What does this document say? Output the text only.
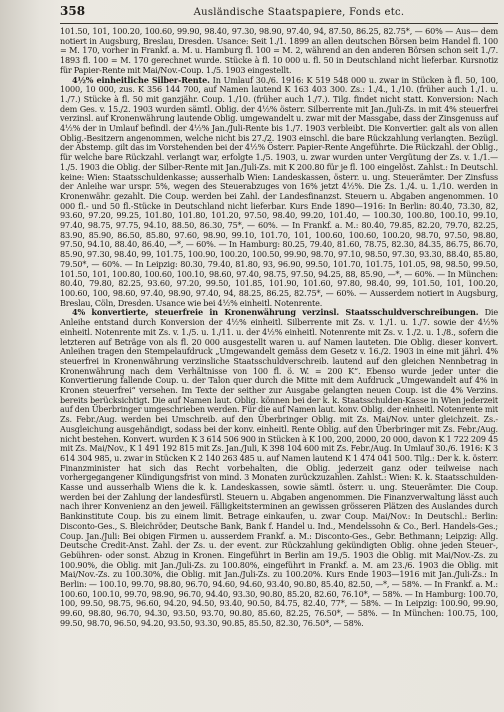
358	Ausländische Staatspapiere, Fonds etc.

101.50, 101, 100.20, 100.60, 99.90, 98.40, 97.30, 98.90, 97.40, 94, 87.50, 86.25, 82.75*, — 60% — Aus— dem notiert in Augsburg, Breslau, Dresden. Usance: Seit 1./1. 1899 an allen deutschen Börsen beim Handel fl. 100 = M. 170, vorher in Frankf. a. M. u. Hamburg fl. 100 = M. 2, während an den anderen Börsen schon seit 1./7. 1893 fl. 100 = M. 170 gerechnet wurde. Stücke à fl. 10 000 u. fl. 50 in Deutschland nicht lieferbar. Kursnotiz für Papier-Rente mit Mai/Nov.-Coup. 1./5. 1903 eingestellt.

4½% einheitliche Silber-Rente. In Umlauf 30./6. 1916: K 519 548 000 u. zwar in Stücken à fl. 50, 100, 1000, 10 000, zus. K 356 144 700, auf Namen lautend K 163 403 300. Zs.: 1./4., 1./10. (früher auch 1./1. u. 1./7.) Stücke à fl. 50 mit ganzjähr. Coup. 1./10. (früher auch 1./7.). Tilg. findet nicht statt. Konversion: Nach dem Ges. v. 15./2. 1903 wurden sämtl. Oblig. der 4½% österr. Silberrente mit Jan./Juli-Zs. in mit 4% steuerfrei verzinsl. auf Kronenwährung lautende Oblig. umgewandelt u. zwar mit der Massgabe, dass der Zinsgenuss auf 4½% der in Umlauf befindl. der 4½% Jan./Juli-Rente bis 1./7. 1903 verbleibt. Die Konvertier. galt als von allen Oblig.-Besitzern angenommen, welche nicht bis 27./2. 1903 einschl. die bare Rückzahlung verlangten. Bezügl. der Abstemp. gilt das im Vorstehenden bei der 4½% Österr. Papier-Rente Angeführte. Die Rückzahl. der Oblig., für welche bare Rückzahl. verlangt war, erfolgte 1./5. 1903, u. zwar wurden unter Vergütung der Zs. v. 1./1.—1./5. 1903 die Oblig. der Silber-Rente mit Jan./Juli-Zs. mit K 200.80 für je fl. 100 eingelöst. Zahlst.: In Deutschl. keine: Wien: Staatsschuldenkasse; ausserhalb Wien: Landeskassen, österr. u. ung. Steuerämter. Der Zinsfuss der Anleihe war urspr. 5%, wegen des Steuerabzuges von 16% jetzt 4½%. Die Zs. 1./4. u. 1./10. werden in Kronenwähr. gezahlt. Die Coup. werden bei Zahl. der Landesfinanzst. Steuern u. Abgaben angenommen. 10 000 fl.- und 50 fl.-Stücke in Deutschland nicht lieferbar. Kurs Ende 1890—1916: In Berlin: 80.40, 73.30, 82, 93.60, 97.20, 99.25, 101.80, 101.80, 101.20, 97.50, 98.40, 99.20, 101.40, — 100.30, 100.80, 100.10, 99.10, 97.40, 98.75, 97.75, 94.10, 88.50, 86.30, 75*, — 60%. — In Frankf. a. M.: 80.40, 79.85, 82.20, 79.70, 82.25, 83.90, 85.90, 86.50, 85.80, 97.60, 98.90, 99.10, 101.70, 101, 100.60, 100.60, 100.20, 98.70, 97.50, 98.80, 97.50, 94.10, 88.40, 86.40, —*, — 60%. — In Hamburg: 80.25, 79.40, 81.60, 78.75, 82.30, 84.35, 86.75, 86.70, 85.90, 97.30, 98.40, 99, 101.75, 100.90, 100.20, 100.50, 99.90, 98.70, 97.10, 98.50, 97.30, 93.30, 88.40, 85.80, 79.50*, — 60%. — In Leipzig: 80.30, 79.40, 81.80, 93, 96.90, 99.50, 101.70, 101.75, 101.05, 98, 98.50, 99.50, 101.50, 101, 100.80, 100.60, 100.10, 98.60, 97.40, 98.75, 97.50, 94.25, 88, 85.90, —*, — 60%. — In München: 80.40, 79.80, 82.25, 93.60, 97.20, 99.50, 101.85, 101.90, 101.60, 97.80, 98.40, 99, 101.50, 101, 100.20, 100.60, 100, 98.60, 97.40, 98.90, 97.40, 94, 88.25, 86.25, 82.75*, — 60%. — Ausserdem notiert in Augsburg, Breslau, Cöln, Dresden. Usance wie bei 4½% einheitl. Notenrente.

4% konvertierte, steuerfreie in Kronenwährung verzinsl. Staatsschuldverschreibungen. Die Anleihe entstand durch Konversion der 4½% einheitl. Silberrente mit Zs. v. 1./1. u. 1./7. sowie der 4½% einheitl. Notenrente mit Zs. v. 1./5. u. 1./11. u. der 4½% einheitl. Notenrente mit Zs. v. 1./2. u. 1./8., sofern die letzteren auf Beträge von als fl. 20 000 ausgestellt waren u. auf Namen lauteten. Die Oblig. dieser konvert. Anleihen tragen den Stempelaufdruck „Umgewandelt gemäss dem Gesetz v. 16./2. 1903 in eine mit jährl. 4% steuerfrei in Kronenwährung verzinsliche Staatsschuldverschreib. lautend auf den gleichen Nennbetrag in Kronenwährung nach dem Verhältnisse von 100 fl. ö. W. = 200 K“. Ebenso wurde jeder unter die Konvertierung fallende Coup. u. der Talon quer durch die Mitte mit dem Aufdruck „Umgewandelt auf 4% in Kronen steuerfrei“ versehen. Im Texte der seither zur Ausgabe gelangten neuen Coup. ist die 4% Verzins. bereits berücksichtigt. Die auf Namen laut. Oblig. können bei der k. k. Staatsschulden-Kasse in Wien jederzeit auf den Überbringer umgeschrieben werden. Für die auf Namen laut. konv. Oblig. der einheitl. Notenrente mit Zs. Febr./Aug. werden bei Umschreib. auf den Überbringer Oblig. mit Zs. Mai/Nov. unter gleichzeit. Zs.-Ausgleichung ausgehändigt, sodass bei der konv. einheitl. Rente Oblig. auf den Überbringer mit Zs. Febr./Aug. nicht bestehen. Konvert. wurden K 3 614 506 900 in Stücken à K 100, 200, 2000, 20 000, davon K 1 722 209 45 mit Zs. Mai/Nov., K 1 491 192 815 mit Zs. Jan./Juli, K 398 104 600 mit Zs. Febr./Aug. In Umlauf 30./6. 1916: K 3 614 304 985, u. zwar in Stücken K 2 140 263 485 u. auf Namen lautend K 1 474 041 500. Tilg.: Der k. k. österr. Finanzminister hat sich das Recht vorbehalten, die Oblig. jederzeit ganz oder teilweise nach vorhergegangener Kündigungsfrist von mind. 3 Monaten zurückzuzahlen. Zahlst.: Wien: K. k. Staatsschulden-Kasse und ausserhalb Wiens die k. k. Landeskassen, sowie sämtl. österr. u. ung. Steuerämter. Die Coup. werden bei der Zahlung der landesfürstl. Steuern u. Abgaben angenommen. Die Finanzverwaltung lässt auch nach ihrer Konvenienz an den jeweil. Fälligkeitsterminen an gewissen grösseren Plätzen des Auslandes durch Bankinstitute Coup. bis zu einem limit. Betrage einkaufen, u. zwar Coup. Mai/Nov.: In Deutschl.: Berlin: Disconto-Ges., S. Bleichröder, Deutsche Bank, Bank f. Handel u. Ind., Mendelssohn & Co., Berl. Handels-Ges.; Coup. Jan./Juli: Bei obigen Firmen u. ausserdem Frankf. a. M.: Disconto-Ges., Gebr. Bethmann; Leipzig: Allg. Deutsche Credit-Anst. Zahl. der Zs. u. der event. zur Rückzahlung gekündigten Oblig. ohne jeden Steuer-, Gebühren- oder sonst. Abzug in Kronen. Eingeführt in Berlin am 19./5. 1903 die Oblig. mit Mai/Nov.-Zs. zu 100.90%, die Oblig. mit Jan./Juli-Zs. zu 100.80%, eingeführt in Frankf. a. M. am 23./6. 1903 die Oblig. mit Mai/Nov.-Zs. zu 100.30%, die Oblig. mit Jan./Juli-Zs. zu 100.20%. Kurs Ende 1903—1916 mit Jan./Juli-Zs.: In Berlin: — 100.10, 99.70, 98.80, 96.70, 94.60, 94.60, 93.40, 90.80, 85.40, 82.50, —*, — 58%. — In Frankf. a. M.: 100.60, 100.10, 99.70, 98.90, 96.70, 94.40, 93.30, 90.80, 85.20, 82.60, 76.10*, — 58%. — In Hamburg: 100.70, 100, 99.50, 98.75, 96.60, 94.20, 94.50, 93.40, 90.50, 84.75, 82.40, 77*, — 58%. — In Leipzig: 100.90, 99.90, 99.60, 98.80, 96.70, 94.30, 93.50, 93.70, 90.80, 85.60, 82.25, 76.50*, — 58%. — In München: 100.75, 100, 99.50, 98.70, 96.50, 94.20, 93.50, 93.30, 90.85, 85.50, 82.30, 76.50*, — 58%.
